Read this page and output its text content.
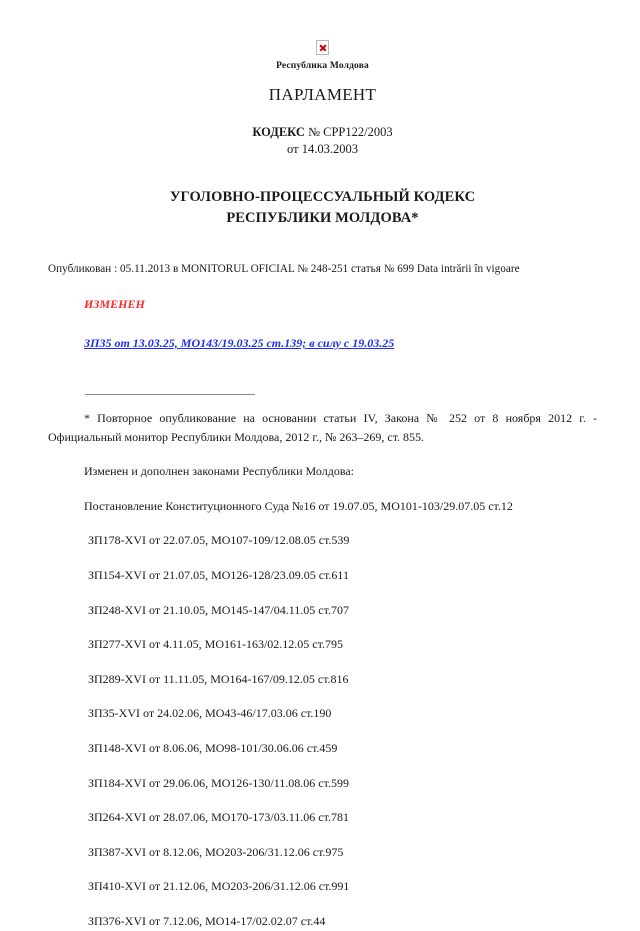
Республика Молдова
ПАРЛАМЕНТ
КОДЕКС № CPP122/2003
от 14.03.2003
УГОЛОВНО-ПРОЦЕССУАЛЬНЫЙ КОДЕКС
РЕСПУБЛИКИ МОЛДОВА*
Опубликован : 05.11.2013 в MONITORUL OFICIAL № 248-251 статья № 699 Data intrării în vigoare
ИЗМЕНЕН
ЗП35 от 13.03.25, МО143/19.03.25 ст.139; в силу с 19.03.25
* Повторное опубликование на основании статьи IV, Закона № 252 от 8 ноября 2012 г. - Официальный монитор Республики Молдова, 2012 г., № 263–269, ст. 855.
Изменен и дополнен законами Республики Молдова:
Постановление Конституционного Суда №16 от 19.07.05, МО101-103/29.07.05 ст.12
ЗП178-XVI от 22.07.05, МО107-109/12.08.05 ст.539
ЗП154-XVI от 21.07.05, МО126-128/23.09.05 ст.611
ЗП248-XVI от 21.10.05, МО145-147/04.11.05 ст.707
ЗП277-XVI от 4.11.05, МО161-163/02.12.05 ст.795
ЗП289-XVI от 11.11.05, МО164-167/09.12.05 ст.816
ЗП35-XVI от 24.02.06, МО43-46/17.03.06 ст.190
ЗП148-XVI от 8.06.06, МО98-101/30.06.06 ст.459
ЗП184-XVI от 29.06.06, МО126-130/11.08.06 ст.599
ЗП264-XVI от 28.07.06, МО170-173/03.11.06 ст.781
ЗП387-XVI от 8.12.06, МО203-206/31.12.06 ст.975
ЗП410-XVI от 21.12.06, МО203-206/31.12.06 ст.991
ЗП376-XVI от 7.12.06, МО14-17/02.02.07 ст.44
